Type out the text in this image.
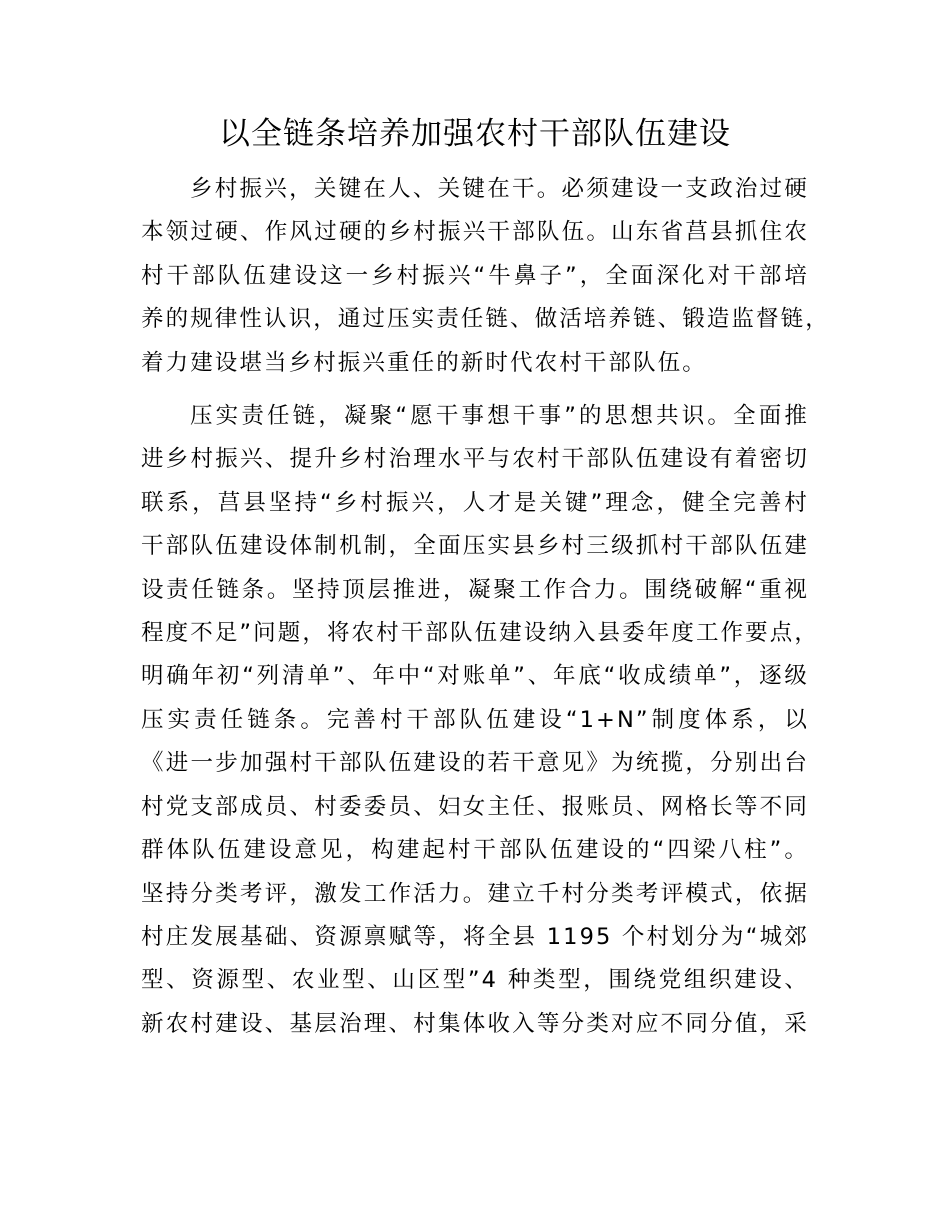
以全链条培养加强农村干部队伍建设

乡村振兴，关键在人、关键在干。必须建设一支政治过硬
本领过硬、作风过硬的乡村振兴干部队伍。山东省莒县抓住农
村干部队伍建设这一乡村振兴“牛鼻子”，全面深化对干部培
养的规律性认识，通过压实责任链、做活培养链、锻造监督链，
着力建设堪当乡村振兴重任的新时代农村干部队伍。

压实责任链，凝聚“愿干事想干事”的思想共识。全面推
进乡村振兴、提升乡村治理水平与农村干部队伍建设有着密切
联系，莒县坚持“乡村振兴，人才是关键”理念，健全完善村
干部队伍建设体制机制，全面压实县乡村三级抓村干部队伍建
设责任链条。坚持顶层推进，凝聚工作合力。围绕破解“重视
程度不足”问题，将农村干部队伍建设纳入县委年度工作要点，
明确年初“列清单”、年中“对账单”、年底“收成绩单”，逐级
压实责任链条。完善村干部队伍建设“1+N”制度体系，以
《进一步加强村干部队伍建设的若干意见》为统揽，分别出台
村党支部成员、村委委员、妇女主任、报账员、网格长等不同
群体队伍建设意见，构建起村干部队伍建设的“四梁八柱”。
坚持分类考评，激发工作活力。建立千村分类考评模式，依据
村庄发展基础、资源禀赋等，将全县 1195 个村划分为“城郊
型、资源型、农业型、山区型”4 种类型，围绕党组织建设、
新农村建设、基层治理、村集体收入等分类对应不同分值，采
